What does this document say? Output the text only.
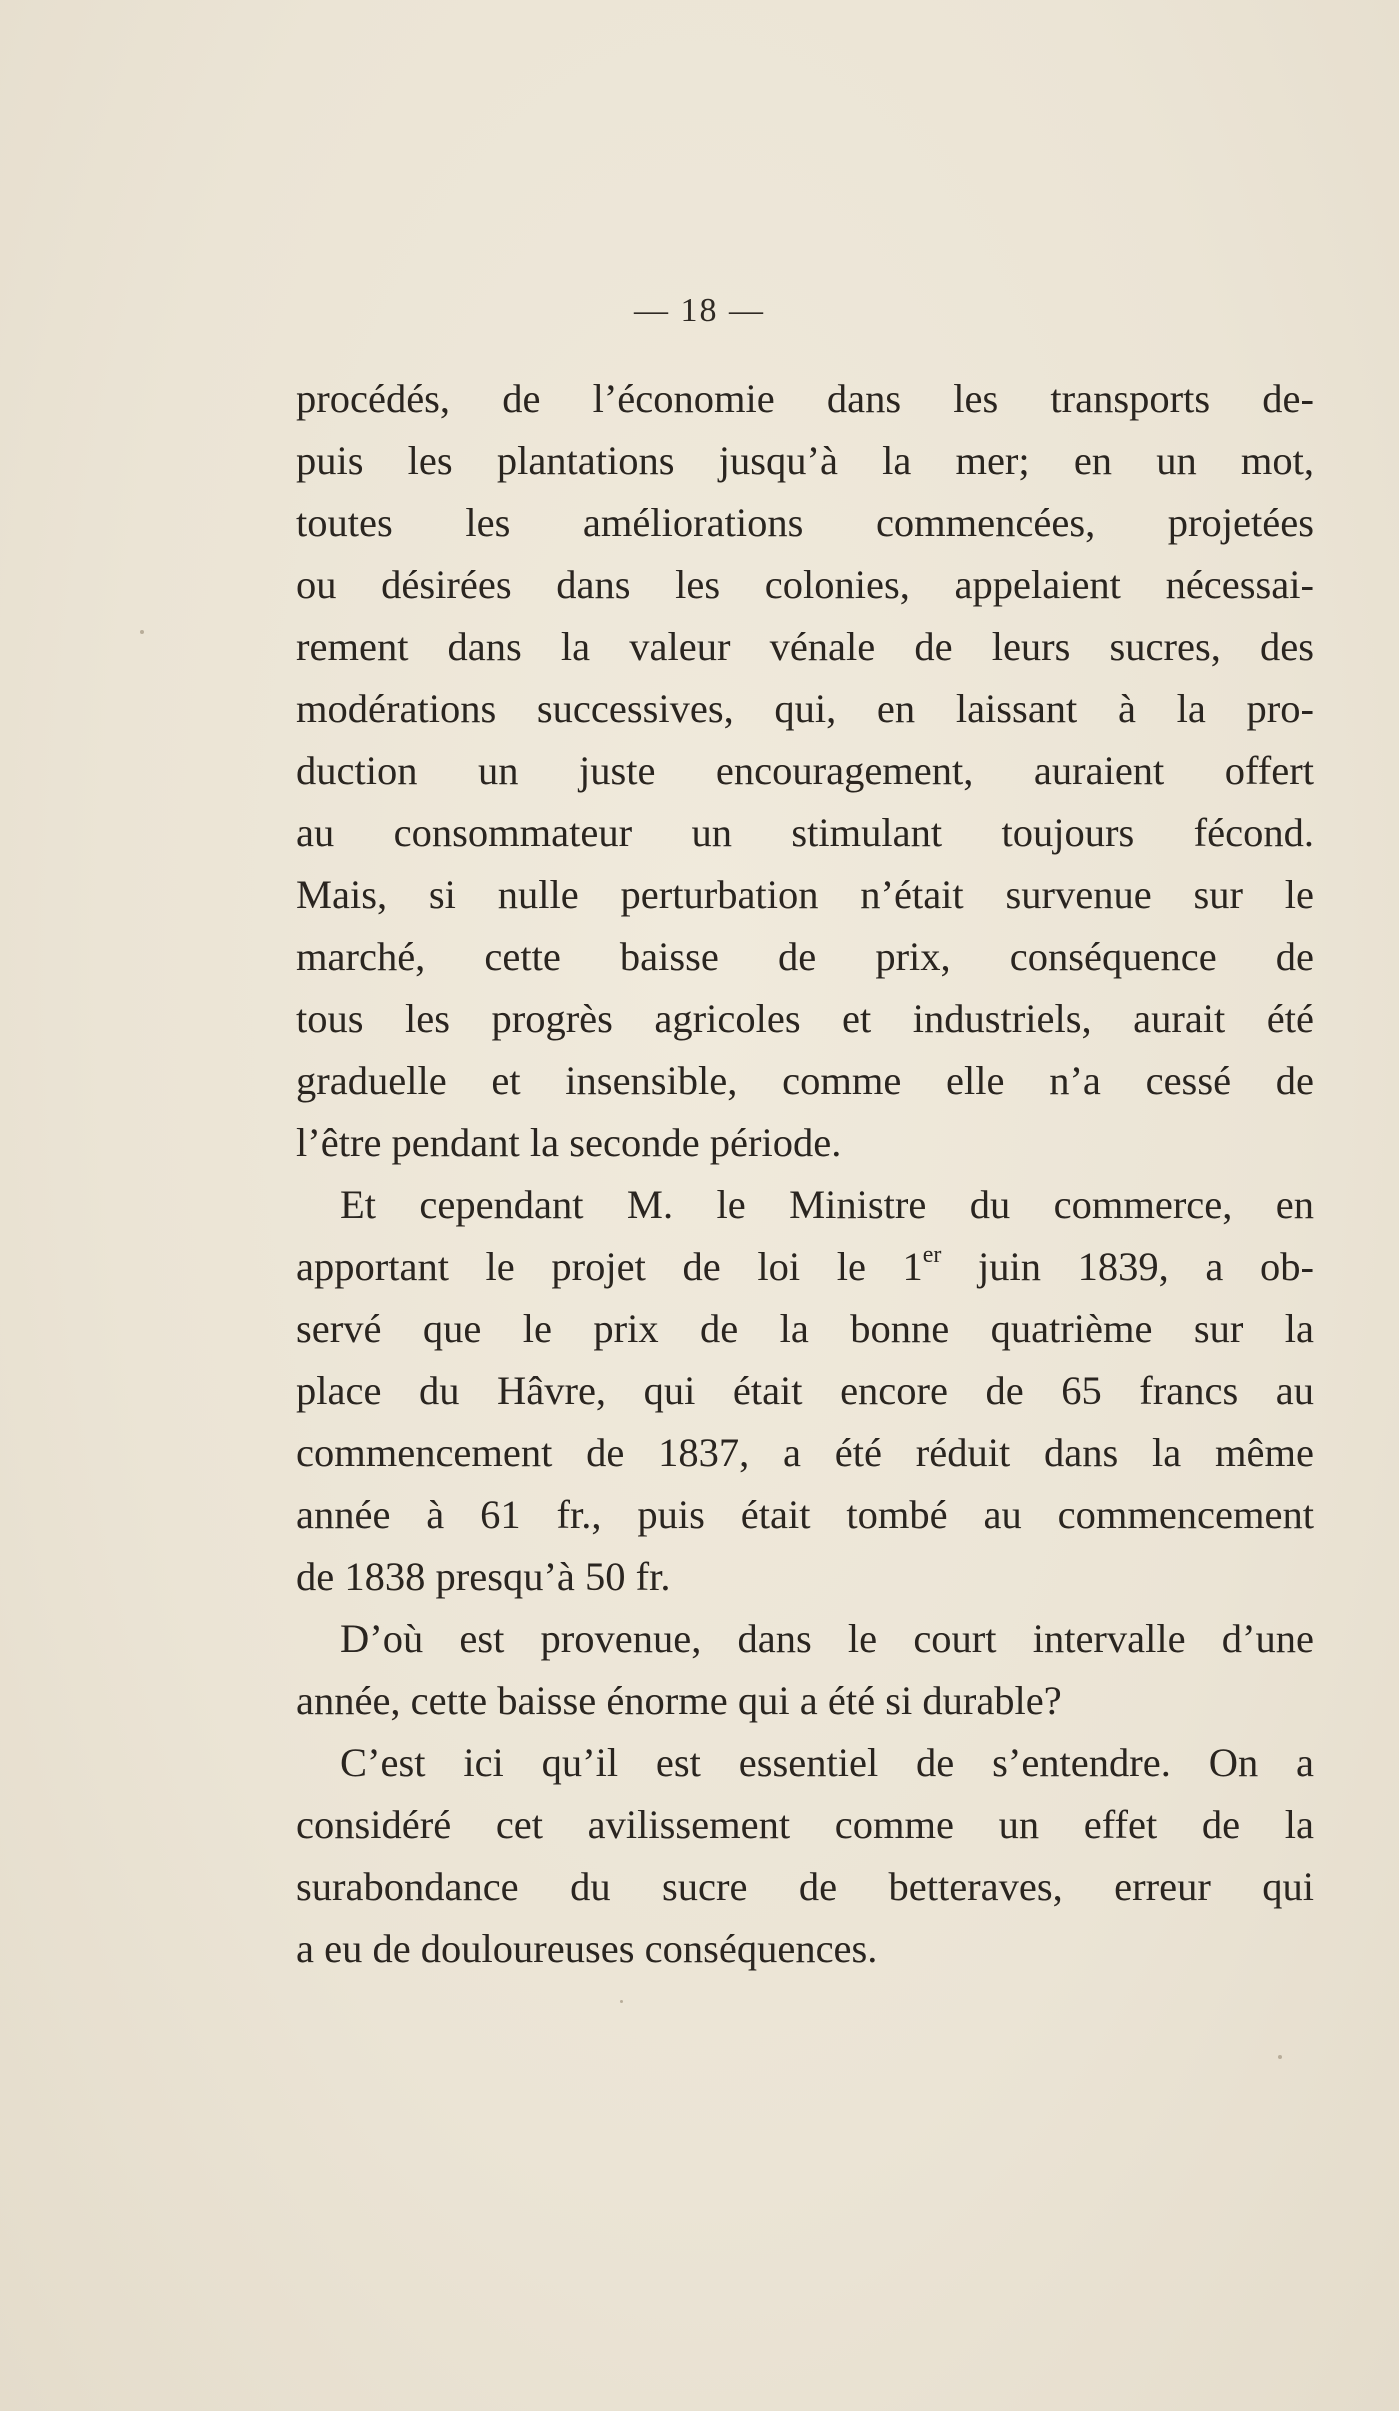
— 18 —
procédés, de l’économie dans les transports de-
puis les plantations jusqu’à la mer; en un mot,
toutes les améliorations commencées, projetées
ou désirées dans les colonies, appelaient nécessai-
rement dans la valeur vénale de leurs sucres, des
modérations successives, qui, en laissant à la pro-
duction un juste encouragement, auraient offert
au consommateur un stimulant toujours fécond.
Mais, si nulle perturbation n’était survenue sur le
marché, cette baisse de prix, conséquence de
tous les progrès agricoles et industriels, aurait été
graduelle et insensible, comme elle n’a cessé de
l’être pendant la seconde période.
Et cependant M. le Ministre du commerce, en
apportant le projet de loi le 1er juin 1839, a ob-
servé que le prix de la bonne quatrième sur la
place du Hâvre, qui était encore de 65 francs au
commencement de 1837, a été réduit dans la même
année à 61 fr., puis était tombé au commencement
de 1838 presqu’à 50 fr.
D’où est provenue, dans le court intervalle d’une
année, cette baisse énorme qui a été si durable?
C’est ici qu’il est essentiel de s’entendre. On a
considéré cet avilissement comme un effet de la
surabondance du sucre de betteraves, erreur qui
a eu de douloureuses conséquences.
